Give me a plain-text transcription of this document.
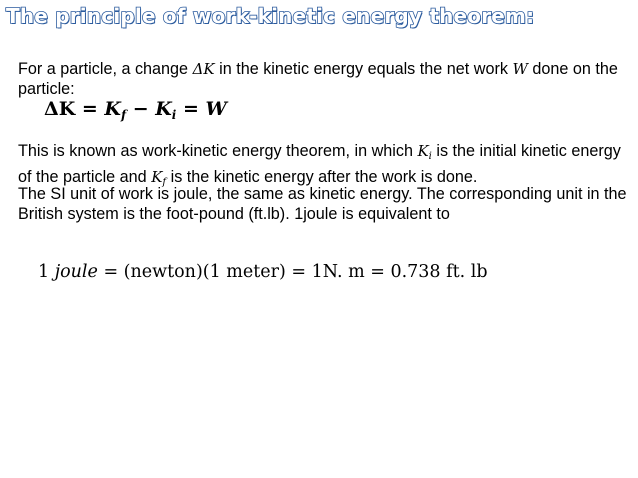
The principle of work-kinetic energy theorem:

For a particle, a change ΔK in the kinetic energy equals the net work W done on the particle:

$\Delta K = K_f - K_i = W$

This is known as work-kinetic energy theorem, in which $K_i$ is the initial kinetic energy of the particle and $K_f$ is the kinetic energy after the work is done.

The SI unit of work is joule, the same as kinetic energy. The corresponding unit in the British system is the foot-pound (ft.lb). 1joule is equivalent to

1 joule = (newton)(1 meter) = 1N. m = 0.738 ft. lb
